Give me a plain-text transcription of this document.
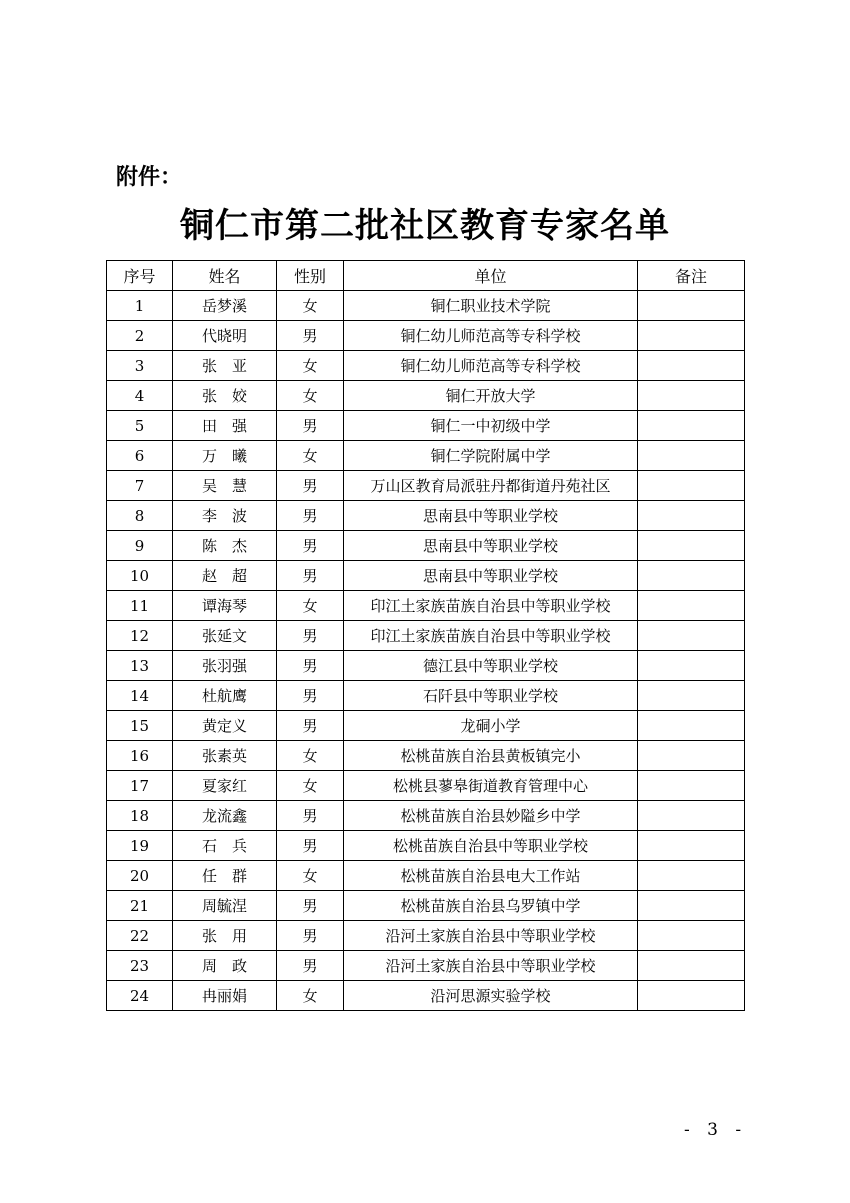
附件：
铜仁市第二批社区教育专家名单
序号	姓名	性别	单位	备注
1	岳梦溪	女	铜仁职业技术学院	
2	代晓明	男	铜仁幼儿师范高等专科学校	
3	张　亚	女	铜仁幼儿师范高等专科学校	
4	张　姣	女	铜仁开放大学	
5	田　强	男	铜仁一中初级中学	
6	万　曦	女	铜仁学院附属中学	
7	吴　慧	男	万山区教育局派驻丹都街道丹苑社区	
8	李　波	男	思南县中等职业学校	
9	陈　杰	男	思南县中等职业学校	
10	赵　超	男	思南县中等职业学校	
11	谭海琴	女	印江土家族苗族自治县中等职业学校	
12	张延文	男	印江土家族苗族自治县中等职业学校	
13	张羽强	男	德江县中等职业学校	
14	杜航鹰	男	石阡县中等职业学校	
15	黄定义	男	龙硐小学	
16	张素英	女	松桃苗族自治县黄板镇完小	
17	夏家红	女	松桃县蓼皋街道教育管理中心	
18	龙流鑫	男	松桃苗族自治县妙隘乡中学	
19	石　兵	男	松桃苗族自治县中等职业学校	
20	任　群	女	松桃苗族自治县电大工作站	
21	周毓涅	男	松桃苗族自治县乌罗镇中学	
22	张　用	男	沿河土家族自治县中等职业学校	
23	周　政	男	沿河土家族自治县中等职业学校	
24	冉丽娟	女	沿河思源实验学校	
- 3 -
